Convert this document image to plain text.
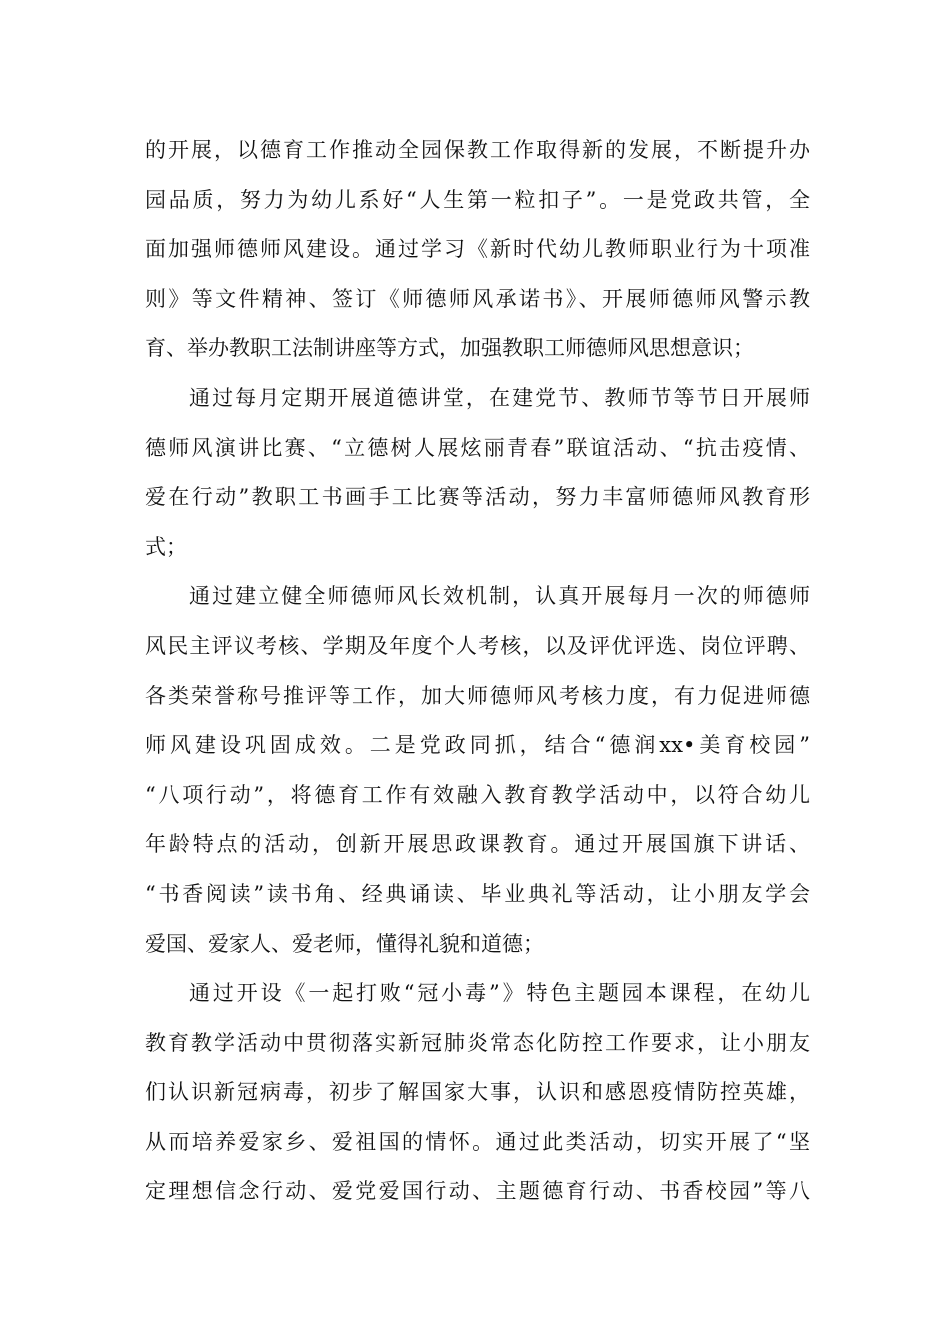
的开展，以德育工作推动全园保教工作取得新的发展，不断提升办
园品质，努力为幼儿系好“人生第一粒扣子”。一是党政共管，全
面加强师德师风建设。通过学习《新时代幼儿教师职业行为十项准
则》等文件精神、签订《师德师风承诺书》、开展师德师风警示教
育、举办教职工法制讲座等方式，加强教职工师德师风思想意识；
通过每月定期开展道德讲堂，在建党节、教师节等节日开展师
德师风演讲比赛、“立德树人展炫丽青春”联谊活动、“抗击疫情、
爱在行动”教职工书画手工比赛等活动，努力丰富师德师风教育形
式；
通过建立健全师德师风长效机制，认真开展每月一次的师德师
风民主评议考核、学期及年度个人考核，以及评优评选、岗位评聘、
各类荣誉称号推评等工作，加大师德师风考核力度，有力促进师德
师风建设巩固成效。二是党政同抓，结合“德润xx•美育校园”
“八项行动”，将德育工作有效融入教育教学活动中，以符合幼儿
年龄特点的活动，创新开展思政课教育。通过开展国旗下讲话、
“书香阅读”读书角、经典诵读、毕业典礼等活动，让小朋友学会
爱国、爱家人、爱老师，懂得礼貌和道德；
通过开设《一起打败“冠小毒”》特色主题园本课程，在幼儿
教育教学活动中贯彻落实新冠肺炎常态化防控工作要求，让小朋友
们认识新冠病毒，初步了解国家大事，认识和感恩疫情防控英雄，
从而培养爱家乡、爱祖国的情怀。通过此类活动，切实开展了“坚
定理想信念行动、爱党爱国行动、主题德育行动、书香校园”等八
